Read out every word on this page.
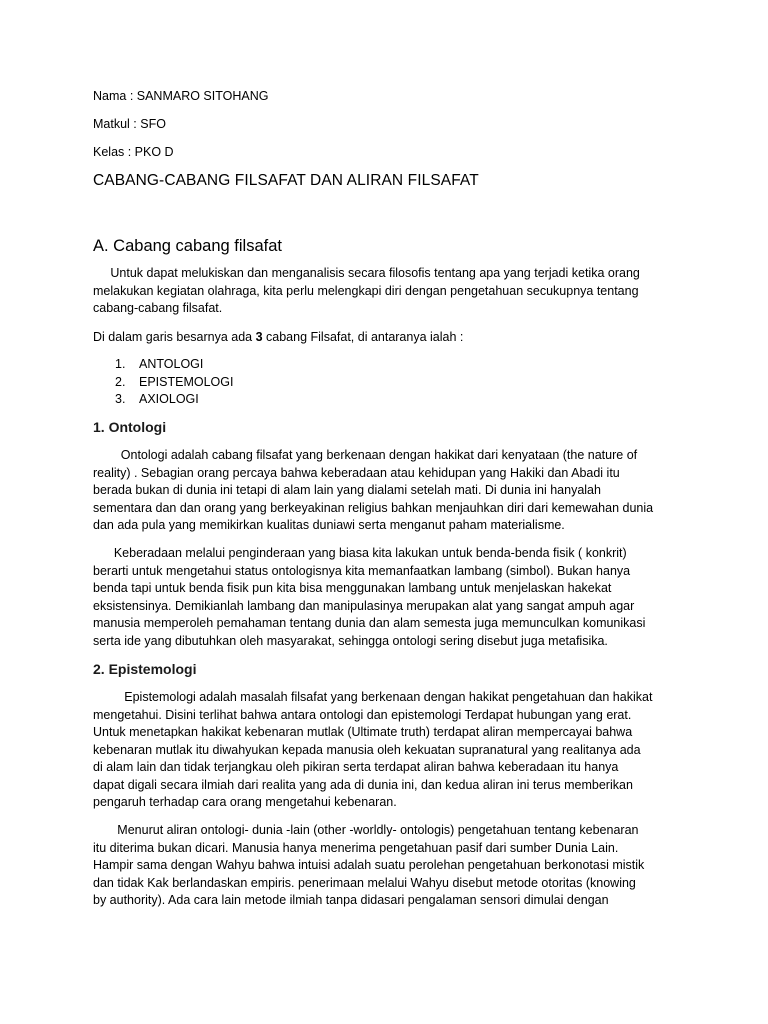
Nama : SANMARO SITOHANG
Matkul : SFO
Kelas : PKO D
CABANG-CABANG FILSAFAT DAN ALIRAN FILSAFAT
A. Cabang cabang filsafat

Untuk dapat melukiskan dan menganalisis secara filosofis tentang apa yang terjadi ketika orang
melakukan kegiatan olahraga, kita perlu melengkapi diri dengan pengetahuan secukupnya tentang
cabang-cabang filsafat.

Di dalam garis besarnya ada 3 cabang Filsafat, di antaranya ialah :

1. ANTOLOGI
2. EPISTEMOLOGI
3. AXIOLOGI
1. Ontologi

Ontologi adalah cabang filsafat yang berkenaan dengan hakikat dari kenyataan (the nature of
reality) . Sebagian orang percaya bahwa keberadaan atau kehidupan yang Hakiki dan Abadi itu
berada bukan di dunia ini tetapi di alam lain yang dialami setelah mati. Di dunia ini hanyalah
sementara dan dan orang yang berkeyakinan religius bahkan menjauhkan diri dari kemewahan dunia
dan ada pula yang memikirkan kualitas duniawi serta menganut paham materialisme.

Keberadaan melalui penginderaan yang biasa kita lakukan untuk benda-benda fisik ( konkrit)
berarti untuk mengetahui status ontologisnya kita memanfaatkan lambang (simbol). Bukan hanya
benda tapi untuk benda fisik pun kita bisa menggunakan lambang untuk menjelaskan hakekat
eksistensinya. Demikianlah lambang dan manipulasinya merupakan alat yang sangat ampuh agar
manusia memperoleh pemahaman tentang dunia dan alam semesta juga memunculkan komunikasi
serta ide yang dibutuhkan oleh masyarakat, sehingga ontologi sering disebut juga metafisika.

2. Epistemologi

Epistemologi adalah masalah filsafat yang berkenaan dengan hakikat pengetahuan dan hakikat
mengetahui. Disini terlihat bahwa antara ontologi dan epistemologi Terdapat hubungan yang erat.
Untuk menetapkan hakikat kebenaran mutlak (Ultimate truth) terdapat aliran mempercayai bahwa
kebenaran mutlak itu diwahyukan kepada manusia oleh kekuatan supranatural yang realitanya ada
di alam lain dan tidak terjangkau oleh pikiran serta terdapat aliran bahwa keberadaan itu hanya
dapat digali secara ilmiah dari realita yang ada di dunia ini, dan kedua aliran ini terus memberikan
pengaruh terhadap cara orang mengetahui kebenaran.

Menurut aliran ontologi- dunia -lain (other -worldly- ontologis) pengetahuan tentang kebenaran
itu diterima bukan dicari. Manusia hanya menerima pengetahuan pasif dari sumber Dunia Lain.
Hampir sama dengan Wahyu bahwa intuisi adalah suatu perolehan pengetahuan berkonotasi mistik
dan tidak Kak berlandaskan empiris. penerimaan melalui Wahyu disebut metode otoritas (knowing
by authority). Ada cara lain metode ilmiah tanpa didasari pengalaman sensori dimulai dengan
